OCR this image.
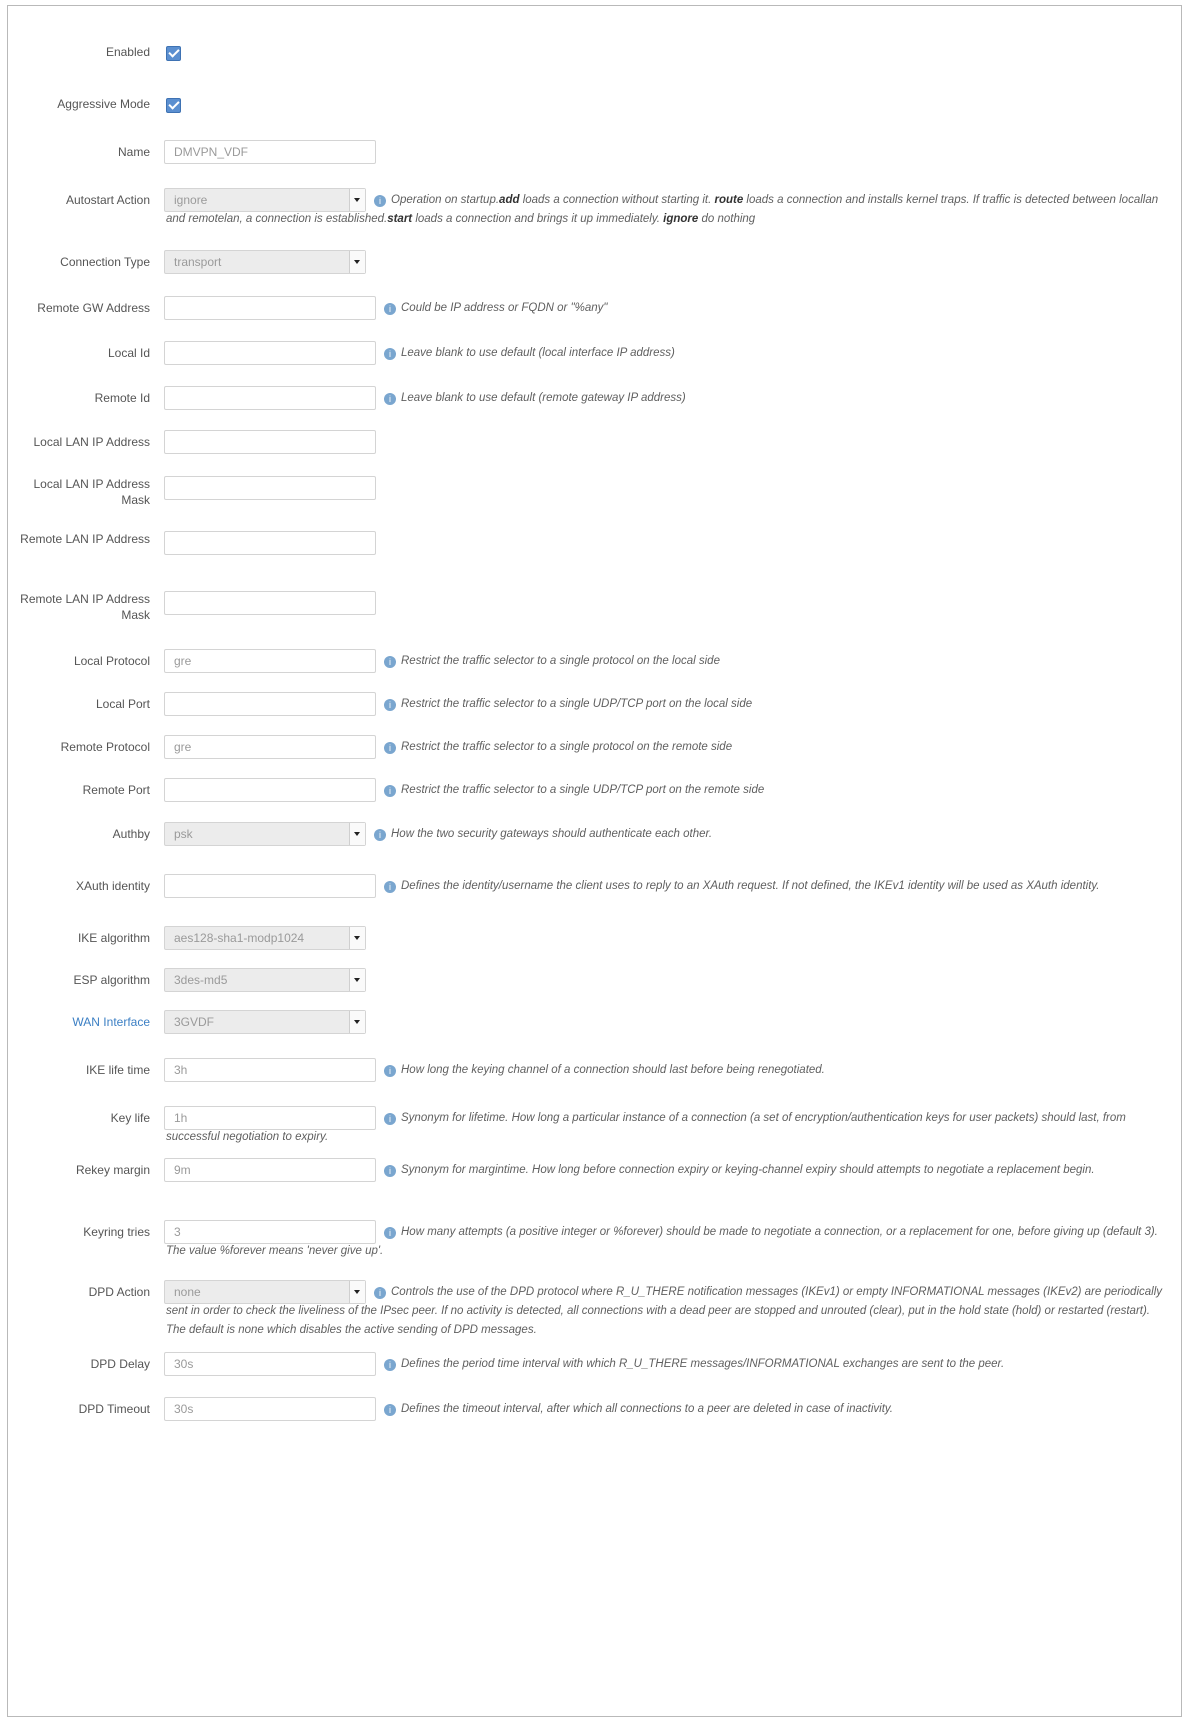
Enabled
Aggressive Mode
Name	DMVPN_VDF
Autostart Action	ignore	i Operation on startup.add loads a connection without starting it. route loads a connection and installs kernel traps. If traffic is detected between locallan and remotelan, a connection is established.start loads a connection and brings it up immediately. ignore do nothing
Connection Type	transport
Remote GW Address	i Could be IP address or FQDN or "%any"
Local Id	i Leave blank to use default (local interface IP address)
Remote Id	i Leave blank to use default (remote gateway IP address)
Local LAN IP Address
Local LAN IP Address Mask
Remote LAN IP Address
Remote LAN IP Address Mask
Local Protocol	gre	i Restrict the traffic selector to a single protocol on the local side
Local Port	i Restrict the traffic selector to a single UDP/TCP port on the local side
Remote Protocol	gre	i Restrict the traffic selector to a single protocol on the remote side
Remote Port	i Restrict the traffic selector to a single UDP/TCP port on the remote side
Authby	psk	i How the two security gateways should authenticate each other.
XAuth identity	i Defines the identity/username the client uses to reply to an XAuth request. If not defined, the IKEv1 identity will be used as XAuth identity.
IKE algorithm	aes128-sha1-modp1024
ESP algorithm	3des-md5
WAN Interface	3GVDF
IKE life time	3h	i How long the keying channel of a connection should last before being renegotiated.
Key life	1h	i Synonym for lifetime. How long a particular instance of a connection (a set of encryption/authentication keys for user packets) should last, from successful negotiation to expiry.
Rekey margin	9m	i Synonym for margintime. How long before connection expiry or keying-channel expiry should attempts to negotiate a replacement begin.
Keyring tries	3	i How many attempts (a positive integer or %forever) should be made to negotiate a connection, or a replacement for one, before giving up (default 3). The value %forever means 'never give up'.
DPD Action	none	i Controls the use of the DPD protocol where R_U_THERE notification messages (IKEv1) or empty INFORMATIONAL messages (IKEv2) are periodically sent in order to check the liveliness of the IPsec peer. If no activity is detected, all connections with a dead peer are stopped and unrouted (clear), put in the hold state (hold) or restarted (restart). The default is none which disables the active sending of DPD messages.
DPD Delay	30s	i Defines the period time interval with which R_U_THERE messages/INFORMATIONAL exchanges are sent to the peer.
DPD Timeout	30s	i Defines the timeout interval, after which all connections to a peer are deleted in case of inactivity.
